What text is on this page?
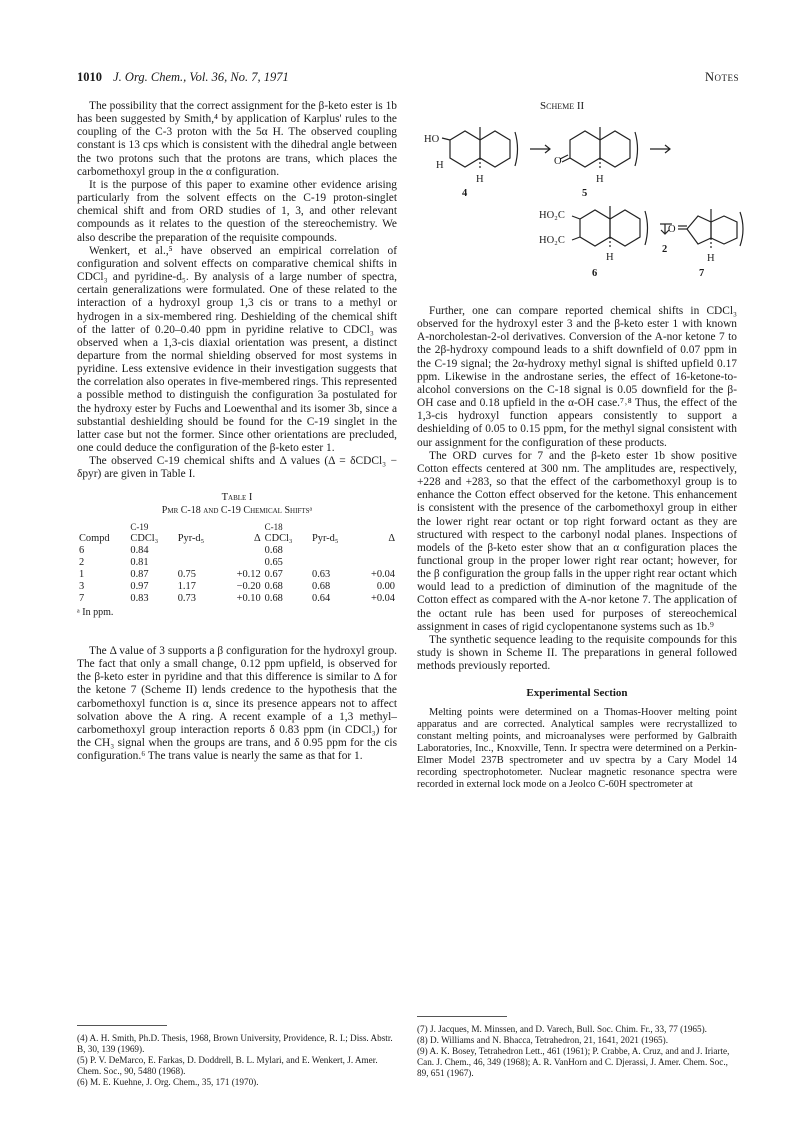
1010 J. Org. Chem., Vol. 36, No. 7, 1971	Notes

The possibility that the correct assignment for the β-keto ester is 1b has been suggested by Smith,⁴ by application of Karplus' rules to the coupling of the C-3 proton with the 5α H. The observed coupling constant is 13 cps which is consistent with the dihedral angle between the two protons such that the protons are trans, which places the carbomethoxyl group in the α configuration.

It is the purpose of this paper to examine other evidence arising particularly from the solvent effects on the C-19 proton-singlet chemical shift and from ORD studies of 1, 3, and other relevant compounds as it relates to the question of the stereochemistry. We also describe the preparation of the requisite compounds.

Wenkert, et al.,⁵ have observed an empirical correlation of configuration and solvent effects on comparative chemical shifts in CDCl₃ and pyridine-d₅. By analysis of a large number of spectra, certain generalizations were formulated. One of these related to the interaction of a hydroxyl group 1,3 cis or trans to a methyl or hydrogen in a six-membered ring. Deshielding of the chemical shift of the latter of 0.20–0.40 ppm in pyridine relative to CDCl₃ was observed when a 1,3-cis diaxial orientation was present, a distinct departure from the normal shielding observed for most systems in pyridine. Less extensive evidence in their investigation suggests that the correlation also operates in five-membered rings. This represented a possible method to distinguish the configuration 3a postulated for the hydroxy ester by Fuchs and Loewenthal and its isomer 3b, since a substantial deshielding should be found for the C-19 singlet in the latter case but not the former. Since other orientations are precluded, one could deduce the configuration of the β-keto ester 1.

The observed C-19 chemical shifts and Δ values (Δ = δCDCl₃ − δpyr) are given in Table I.

Table I
Pmr C-18 and C-19 Chemical Shiftsᵃ
	C-19			C-18		
Compd	CDCl₃	Pyr-d₅	Δ	CDCl₃	Pyr-d₅	Δ
6	0.84			0.68		
2	0.81			0.65		
1	0.87	0.75	+0.12	0.67	0.63	+0.04
3	0.97	1.17	−0.20	0.68	0.68	0.00
7	0.83	0.73	+0.10	0.68	0.64	+0.04
ᵃ In ppm.

The Δ value of 3 supports a β configuration for the hydroxyl group. The fact that only a small change, 0.12 ppm upfield, is observed for the β-keto ester in pyridine and that this difference is similar to Δ for the ketone 7 (Scheme II) lends credence to the hypothesis that the carbomethoxyl function is α, since its presence appears not to affect solvation above the A ring. A recent example of a 1,3 methyl–carbomethoxyl group interaction reports δ 0.83 ppm (in CDCl₃) for the CH₃ signal when the groups are trans, and δ 0.95 ppm for the cis configuration.⁶ The trans value is nearly the same as that for 1.

Scheme II
HO
H
H
4
O
H
5
HO₂C
HO₂C
H
6
2
O
H
7

Further, one can compare reported chemical shifts in CDCl₃ observed for the hydroxyl ester 3 and the β-keto ester 1 with known A-norcholestan-2-ol derivatives. Conversion of the A-nor ketone 7 to the 2β-hydroxy compound leads to a shift downfield of 0.07 ppm in the C-19 signal; the 2α-hydroxy methyl signal is shifted upfield 0.17 ppm. Likewise in the androstane series, the effect of 16-ketone-to-alcohol conversions on the C-18 signal is 0.05 downfield for the β-OH case and 0.18 upfield in the α-OH case.⁷˒⁸ Thus, the effect of the 1,3-cis hydroxyl function appears consistently to support a deshielding of 0.05 to 0.15 ppm, for the methyl signal consistent with our assignment for the configuration of these products.

The ORD curves for 7 and the β-keto ester 1b show positive Cotton effects centered at 300 nm. The amplitudes are, respectively, +228 and +283, so that the effect of the carbomethoxyl group is to enhance the Cotton effect observed for the ketone. This enhancement is consistent with the presence of the carbomethoxyl group in either the lower right rear octant or top right forward octant as they are structured with respect to the carbonyl nodal planes. Inspections of models of the β-keto ester show that an α configuration places the functional group in the proper lower right rear octant; however, for the β configuration the group falls in the upper right rear octant which would lead to a prediction of diminution of the magnitude of the Cotton effect as compared with the A-nor ketone 7. The application of the octant rule has been used for purposes of stereochemical assignment in cases of rigid cyclopentanone systems such as 1b.⁹

The synthetic sequence leading to the requisite compounds for this study is shown in Scheme II. The preparations in general followed methods previously reported.

Experimental Section

Melting points were determined on a Thomas-Hoover melting point apparatus and are corrected. Analytical samples were recrystallized to constant melting points, and microanalyses were performed by Galbraith Laboratories, Inc., Knoxville, Tenn. Ir spectra were determined on a Perkin-Elmer Model 237B spectrometer and uv spectra by a Cary Model 14 recording spectrophotometer. Nuclear magnetic resonance spectra were recorded in external lock mode on a Jeolco C-60H spectrometer at

(4) A. H. Smith, Ph.D. Thesis, 1968, Brown University, Providence, R. I.; Diss. Abstr. B, 30, 139 (1969).

(5) P. V. DeMarco, E. Farkas, D. Doddrell, B. L. Mylari, and E. Wenkert, J. Amer. Chem. Soc., 90, 5480 (1968).

(6) M. E. Kuehne, J. Org. Chem., 35, 171 (1970).

(7) J. Jacques, M. Minssen, and D. Varech, Bull. Soc. Chim. Fr., 33, 77 (1965).

(8) D. Williams and N. Bhacca, Tetrahedron, 21, 1641, 2021 (1965).

(9) A. K. Bosey, Tetrahedron Lett., 461 (1961); P. Crabbe, A. Cruz, and and J. Iriarte, Can. J. Chem., 46, 349 (1968); A. R. VanHorn and C. Djerassi, J. Amer. Chem. Soc., 89, 651 (1967).
